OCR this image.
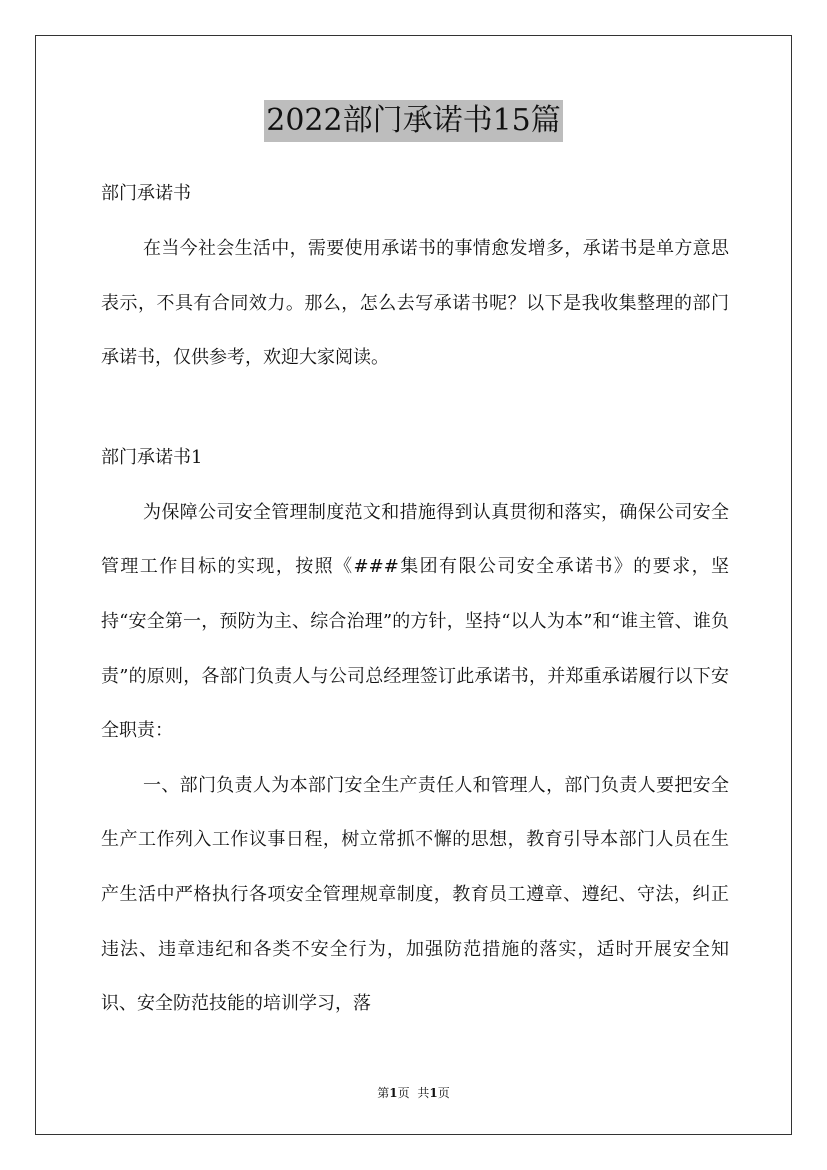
2022部门承诺书15篇

部门承诺书

在当今社会生活中，需要使用承诺书的事情愈发增多，承诺书是单方意思表示，不具有合同效力。那么，怎么去写承诺书呢？以下是我收集整理的部门承诺书，仅供参考，欢迎大家阅读。

部门承诺书1

为保障公司安全管理制度范文和措施得到认真贯彻和落实，确保公司安全管理工作目标的实现，按照《###集团有限公司安全承诺书》的要求，坚持“安全第一，预防为主、综合治理”的方针，坚持“以人为本”和“谁主管、谁负责”的原则，各部门负责人与公司总经理签订此承诺书，并郑重承诺履行以下安全职责：

一、部门负责人为本部门安全生产责任人和管理人，部门负责人要把安全生产工作列入工作议事日程，树立常抓不懈的思想，教育引导本部门人员在生产生活中严格执行各项安全管理规章制度，教育员工遵章、遵纪、守法，纠正违法、违章违纪和各类不安全行为，加强防范措施的落实，适时开展安全知识、安全防范技能的培训学习，落

第1页 共1页
